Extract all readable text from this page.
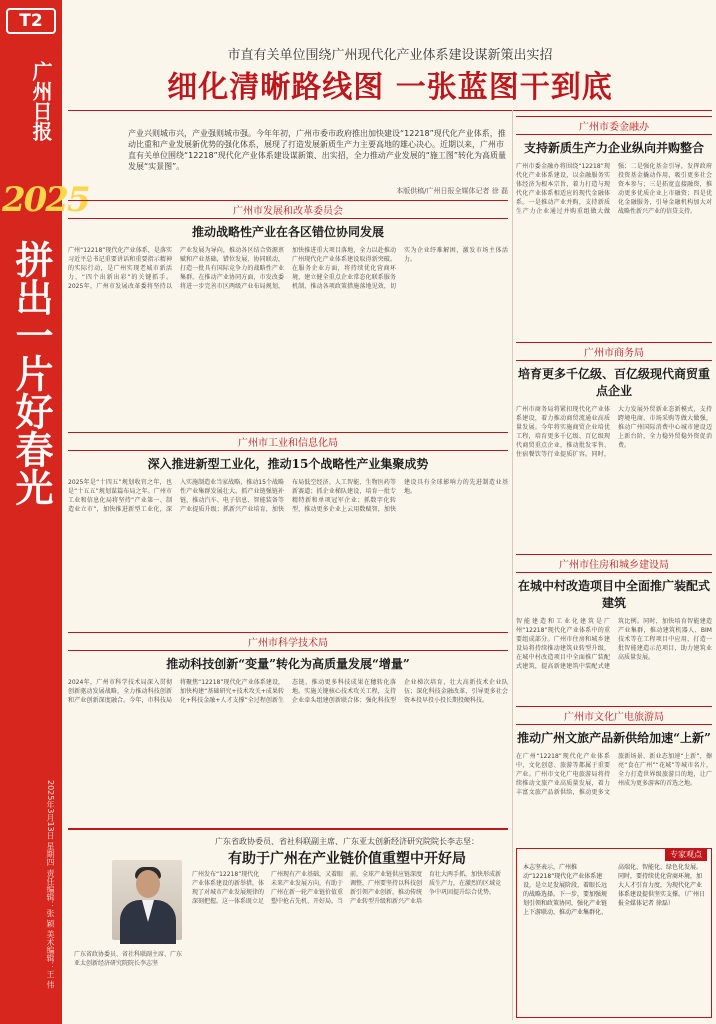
T2
广州日报
2025
拼出一片好春光
2025年3月13日 星期四 责任编辑：张 颖 美术编辑：王 伟
市直有关单位围绕广州现代化产业体系建设谋新策出实招
细化清晰路线图 一张蓝图干到底
产业兴则城市兴，产业强则城市强。今年年初，广州市委市政府推出加快建设“12218”现代化产业体系，推动比重和产业发展新优势的强化体系，展现了打造发展新质生产力主要高地的雄心决心。近期以来，广州市直有关单位围绕“12218”现代化产业体系建设谋新策、出实招，全力推动产业发展的“施工图”转化为高质量发展“实景图”。
本版供稿/广州日报全媒体记者 徐 磊
广州市发展和改革委员会
推动战略性产业在各区错位协同发展
广州“12218”现代化产业体系，是落实习近平总书记重要讲话和重要指示精神的实际行动，是广州实现老城市新活力、“四个出新出彩”的关键抓手。2025年，广州市发展改革委将坚持以产业发展为导向，推动各区结合资源禀赋和产业基础，错位发展、协同联动，打造一批具有国际竞争力的战略性产业集群。在推动产业协同方面，市发改委将进一步完善市区两级产业布局规划，加快推进重大项目落地，全力以赴推动广州现代化产业体系建设取得新突破。在服务企业方面，将持续优化营商环境，建立健全重点企业常态化联系服务机制，推动各项政策措施落地见效，切实为企业纾难解困，激发市场主体活力。
广州市工业和信息化局
深入推进新型工业化，推动15个战略性产业集聚成势
2025年是“十四五”规划收官之年，也是“十五五”规划谋篇布局之年。广州市工业和信息化局将坚持“产业第一、制造业立市”，加快推进新型工业化，深入实施制造业当家战略，推动15个战略性产业集群发展壮大。抓产业链强链补链，推动汽车、电子信息、智能装备等产业提质升级；抓新兴产业培育，加快布局低空经济、人工智能、生物医药等新赛道；抓企业梯队建设，培育一批专精特新和单项冠军企业；抓数字化转型，推动更多企业上云用数赋智，加快建设具有全球影响力的先进制造业基地。
广州市科学技术局
推动科技创新“变量”转化为高质量发展“增量”
2024年，广州市科学技术局深入贯彻创新驱动发展战略，全力推动科技创新和产业创新深度融合。今年，市科技局将聚焦“12218”现代化产业体系建设，加快构建“基础研究+技术攻关+成果转化+科技金融+人才支撑”全过程创新生态链，推动更多科技成果在穗转化落地。实施关键核心技术攻关工程，支持企业牵头组建创新联合体；强化科技型企业梯次培育，壮大高新技术企业队伍；深化科技金融改革，引导更多社会资本投早投小投长期投硬科技。
广州市委金融办
支持新质生产力企业纵向并购整合
广州市委金融办将围绕“12218”现代化产业体系建设，以金融服务实体经济为根本宗旨，着力打造与现代化产业体系相适应的现代金融体系。一是推动产业并购，支持新质生产力企业通过并购重组做大做强；二是强化基金引导，发挥政府投资基金撬动作用，吸引更多社会资本参与；三是拓宽直接融资，推动更多优质企业上市融资；四是优化金融服务，引导金融机构加大对战略性新兴产业的信贷支持。
广州市商务局
培育更多千亿级、百亿级现代商贸重点企业
广州市商务局将紧扣现代化产业体系建设，着力推动商贸流通业高质量发展。今年将实施商贸企业培优工程，培育更多千亿级、百亿级现代商贸重点企业，推动批发零售、住宿餐饮等行业提质扩容。同时，大力发展外贸新业态新模式，支持跨境电商、市场采购等做大做强，推动广州国际消费中心城市建设迈上新台阶，全力稳外贸稳外资促消费。
广州市住房和城乡建设局
在城中村改造项目中全面推广装配式建筑
智能建造和工业化建筑是广州“12218”现代化产业体系中的重要组成部分。广州市住房和城乡建设局将持续推动建筑业转型升级，在城中村改造项目中全面推广装配式建筑，提高新建建筑中装配式建筑比例。同时，加快培育智能建造产业集群，推动建筑机器人、BIM技术等在工程项目中应用，打造一批智能建造示范项目，助力建筑业高质量发展。
广州市文化广电旅游局
推动广州文旅产品新供给加速“上新”
在广州“12218”现代化产业体系中，文化创意、旅游等都属于重要产业。广州市文化广电旅游局将持续推动文旅产业高质量发展，着力丰富文旅产品新供给，推动更多文旅新场景、新业态加速“上新”，擦亮“食在广州”“花城”等城市名片，全力打造世界级旅游目的地，让广州成为更多游客的首选之地。
广东省政协委员、省社科联副主席、广东亚太创新经济研究院院长李志坚
广东省政协委员、省社科联副主席、广东亚太创新经济研究院院长李志坚：
有助于广州在产业链价值重塑中开好局
广州发布“12218”现代化产业体系建设的新举措，体现了对城市产业发展规律的深刻把握。这一体系既立足广州现有产业基础，又着眼未来产业发展方向，有助于广州在新一轮产业链价值重塑中抢占先机、开好局。当前，全球产业链供应链深度调整，广州要坚持以科技创新引领产业创新，推动传统产业转型升级和新兴产业培育壮大两手抓，加快形成新质生产力，在激烈的区域竞争中巩固提升综合优势。
专家观点
本志坚表示，广州推动“12218”现代化产业体系建设，是立足发展阶段、着眼长远的战略选择。下一步，要加强规划引领和政策协同，强化产业链上下游联动，推动产业集群化、高端化、智能化、绿色化发展。同时，要持续优化营商环境，加大人才引育力度，为现代化产业体系建设提供坚实支撑。（广州日报全媒体记者 徐磊）
